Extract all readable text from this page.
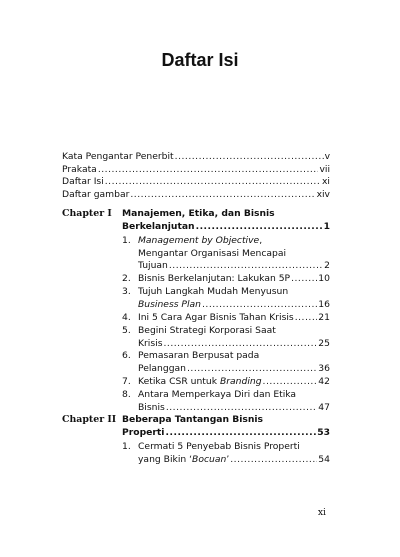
Daftar Isi
Kata Pengantar Penerbit .....	v
Prakata .....	vii
Daftar Isi .....	xi
Daftar gambar .....	xiv
Chapter I Manajemen, Etika, dan Bisnis
Berkelanjutan .....	1
1. Management by Objective,
Mengantar Organisasi Mencapai
Tujuan .....	2
2. Bisnis Berkelanjutan: Lakukan 5P .....	10
3. Tujuh Langkah Mudah Menyusun
Business Plan .....	16
4. Ini 5 Cara Agar Bisnis Tahan Krisis .....	21
5. Begini Strategi Korporasi Saat
Krisis .....	25
6. Pemasaran Berpusat pada
Pelanggan .....	36
7. Ketika CSR untuk Branding .....	42
8. Antara Memperkaya Diri dan Etika
Bisnis .....	47
Chapter II Beberapa Tantangan Bisnis
Properti .....	53
1. Cermati 5 Penyebab Bisnis Properti
yang Bikin ‘Bocuan’ .....	54
xi
